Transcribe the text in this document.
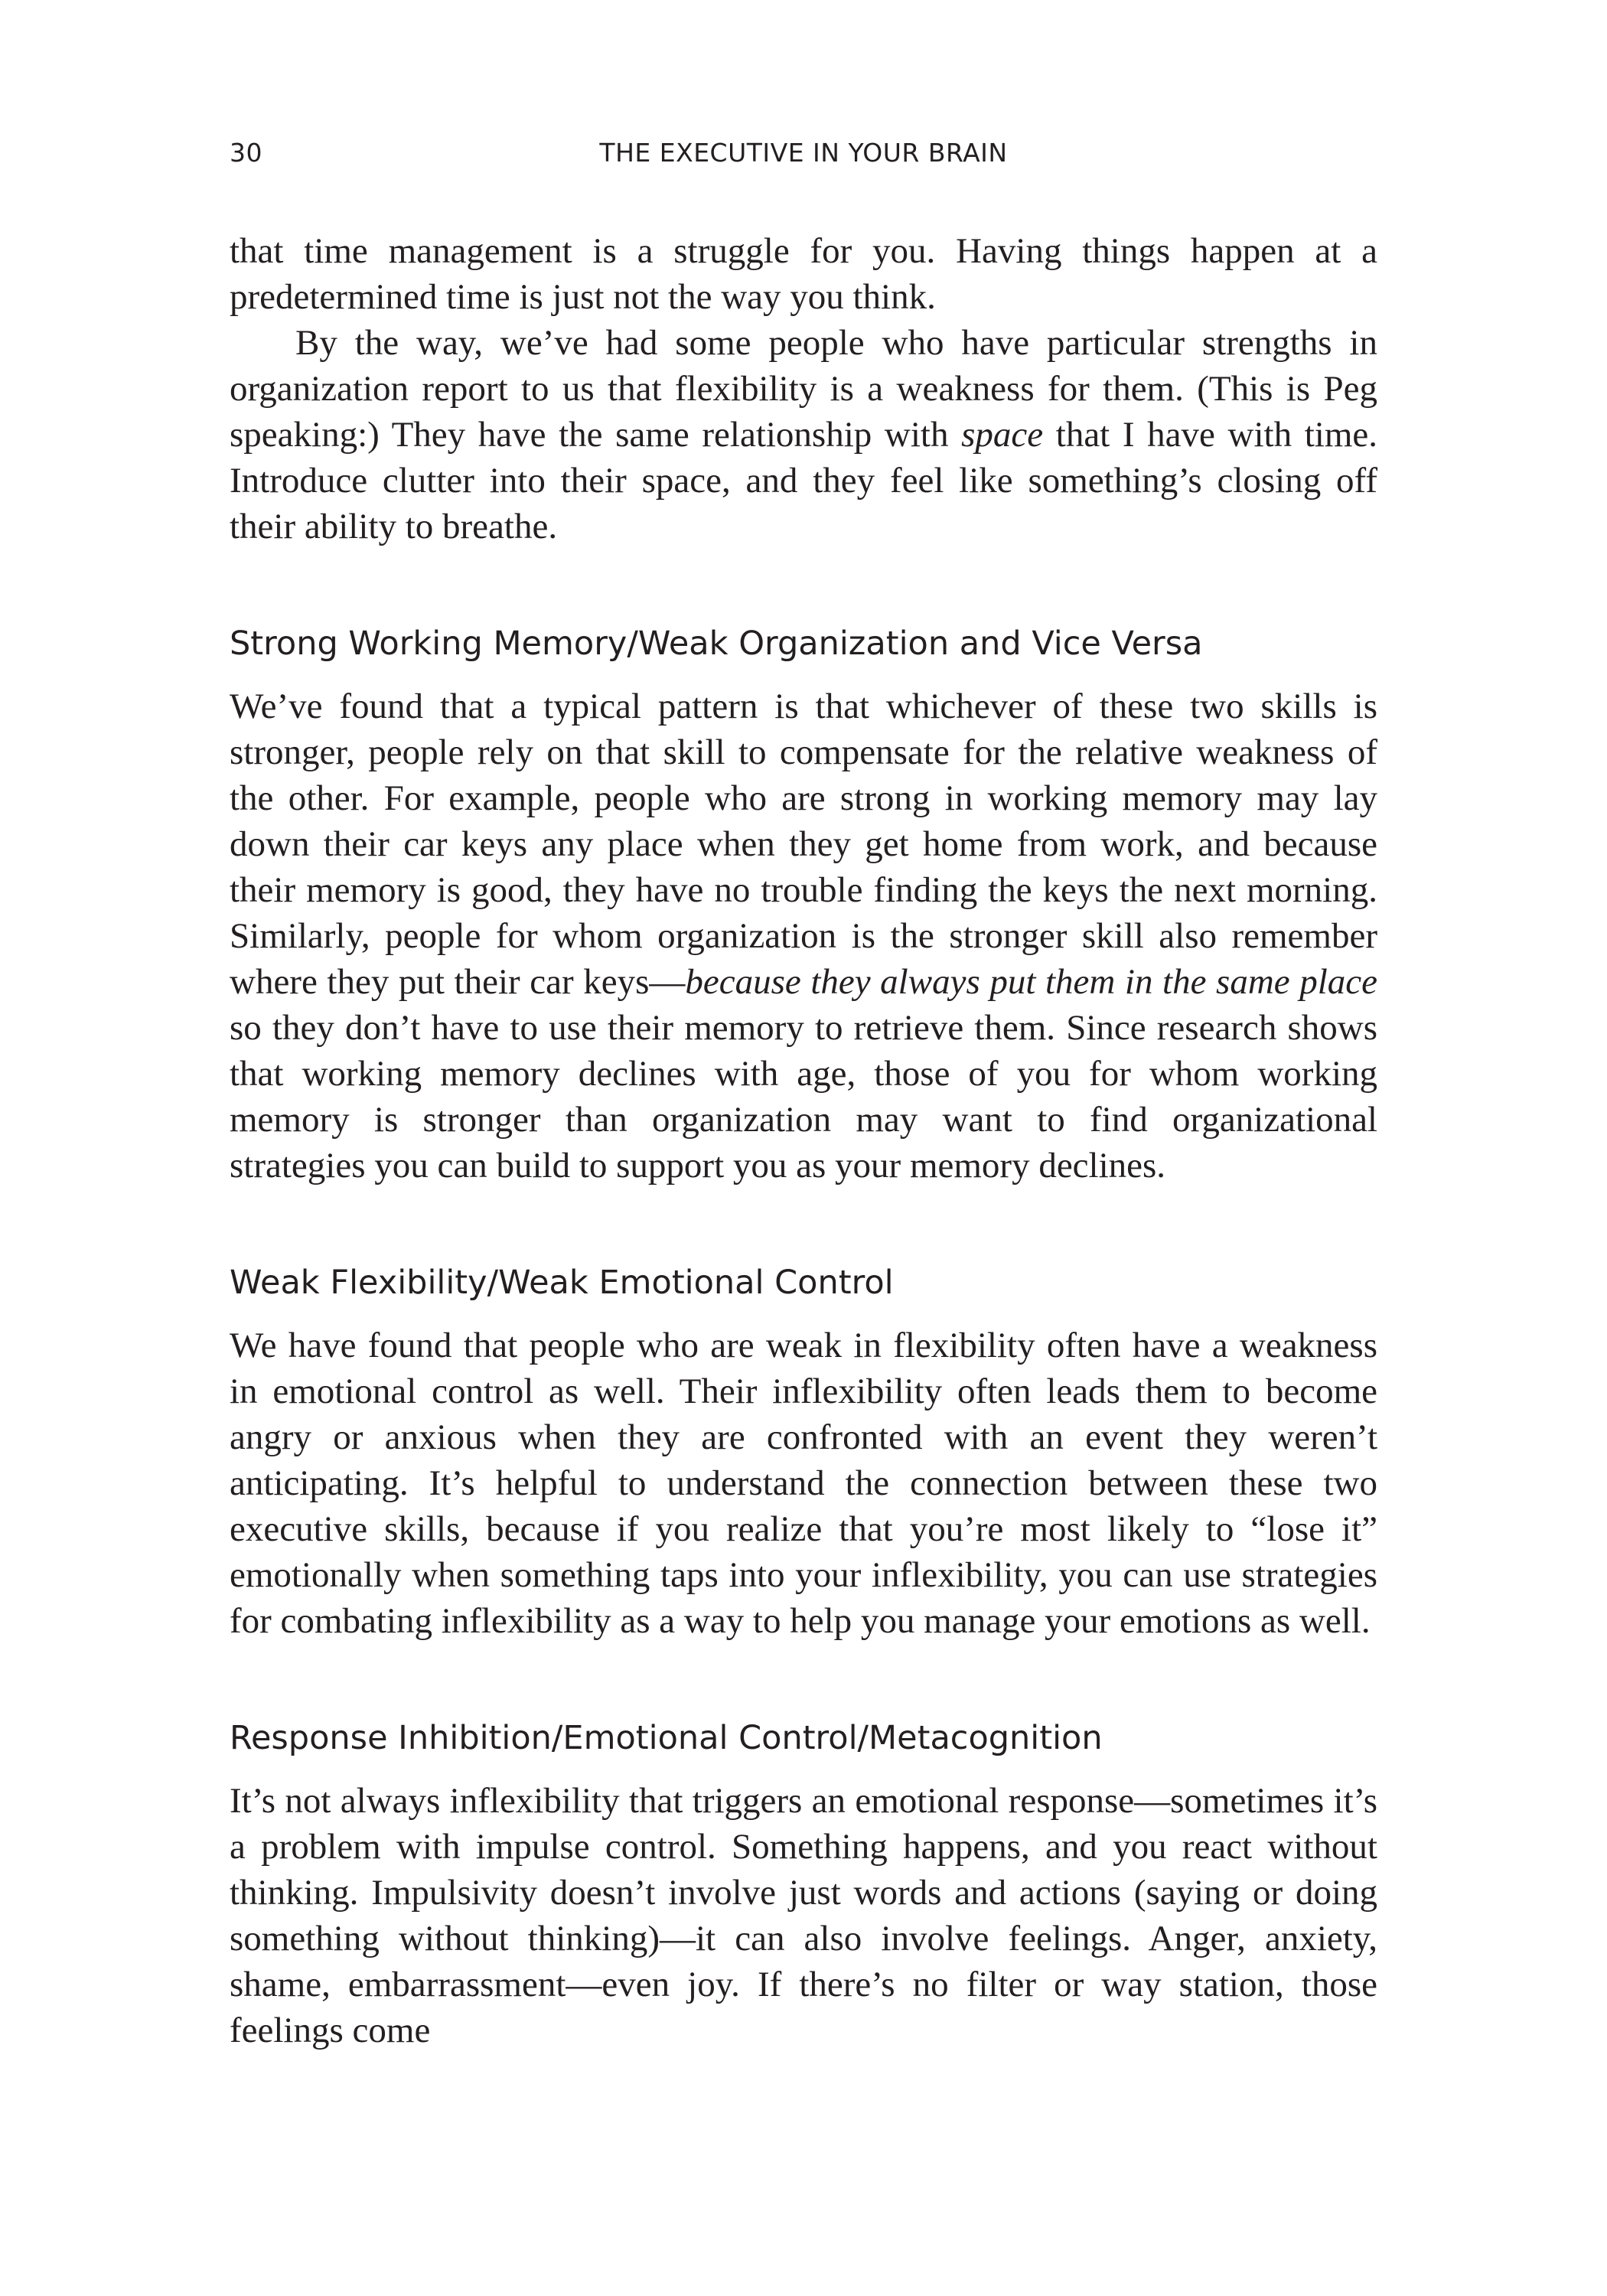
30	THE EXECUTIVE IN YOUR BRAIN

that time management is a struggle for you. Having things happen at a predetermined time is just not the way you think.

By the way, we’ve had some people who have particular strengths in organization report to us that flexibility is a weakness for them. (This is Peg speaking:) They have the same relationship with space that I have with time. Introduce clutter into their space, and they feel like something’s closing off their ability to breathe.

Strong Working Memory/Weak Organization and Vice Versa

We’ve found that a typical pattern is that whichever of these two skills is stronger, people rely on that skill to compensate for the relative weakness of the other. For example, people who are strong in working memory may lay down their car keys any place when they get home from work, and because their memory is good, they have no trouble finding the keys the next morning. Similarly, people for whom organization is the stronger skill also remember where they put their car keys—because they always put them in the same place so they don’t have to use their memory to retrieve them. Since research shows that working memory declines with age, those of you for whom working memory is stronger than organization may want to find organizational strategies you can build to support you as your memory declines.

Weak Flexibility/Weak Emotional Control

We have found that people who are weak in flexibility often have a weakness in emotional control as well. Their inflexibility often leads them to become angry or anxious when they are confronted with an event they weren’t anticipating. It’s helpful to understand the connection between these two executive skills, because if you realize that you’re most likely to “lose it” emotionally when something taps into your inflexibility, you can use strategies for combating inflexibility as a way to help you manage your emotions as well.

Response Inhibition/Emotional Control/Metacognition

It’s not always inflexibility that triggers an emotional response—sometimes it’s a problem with impulse control. Something happens, and you react without thinking. Impulsivity doesn’t involve just words and actions (saying or doing something without thinking)—it can also involve feelings. Anger, anxiety, shame, embarrassment—even joy. If there’s no filter or way station, those feelings come
